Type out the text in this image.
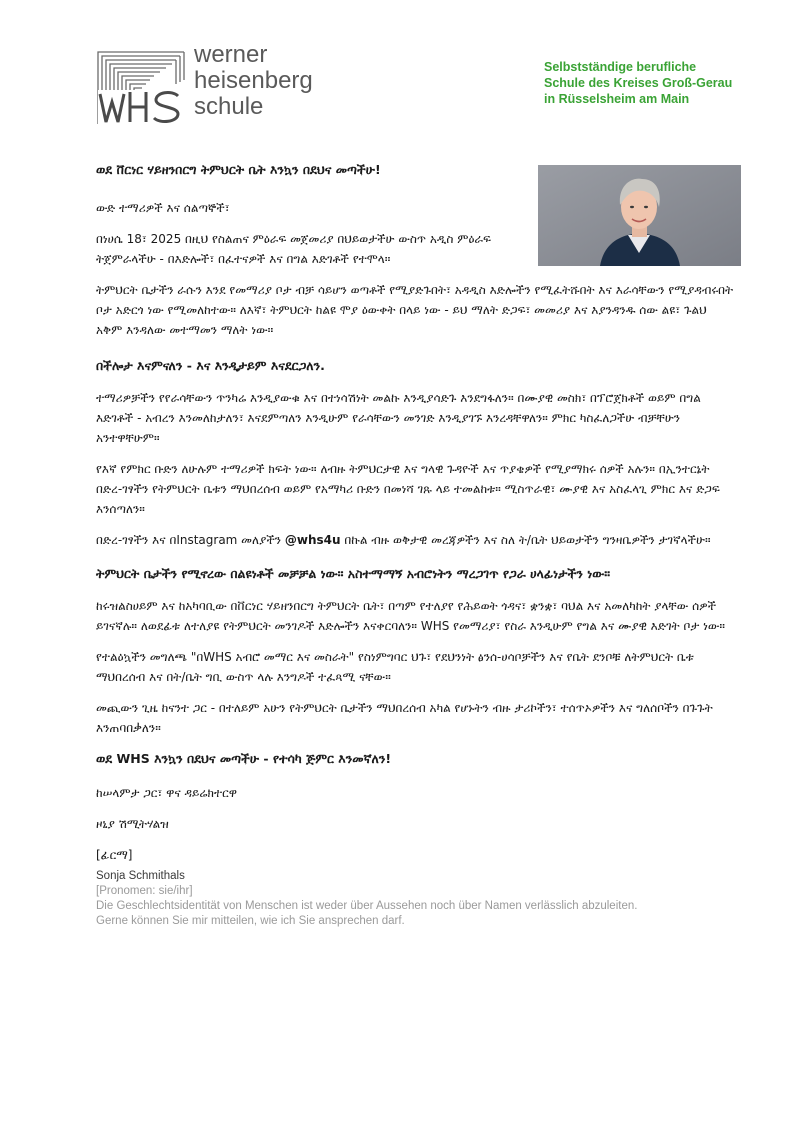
werner
heisenberg
schule
Selbstständige berufliche
Schule des Kreises Groß-Gerau
in Rüsselsheim am Main

ወደ ቨርነር ሃይዘንበርግ ትምህርት ቤት እንኳን በደህና መጣችሁ!

ውድ ተማሪዎች እና ሰልጣኞች፣

በነሀሴ 18፣ 2025 በዚህ የስልጠና ምዕራፍ መጀመሪያ በህይወታችሁ ውስጥ አዲስ ምዕራፍ ትጀምራላችሁ - በእድሎች፣ በፈተናዎች እና በግል እድገቶች የተሞላ።

ትምህርት ቤታችን ራሱን እንደ የመማሪያ ቦታ ብቻ ሳይሆን ወጣቶች የሚያድጉበት፣ አዳዲስ እድሎችን የሚፈትሹበት እና እራሳቸውን የሚያዳብሩበት ቦታ አድርጎ ነው የሚመለከተው። ለእኛ፣ ትምህርት ከልዩ ሞያ ዕውቀት በላይ ነው - ይህ ማለት ድጋፍ፣ መመሪያ እና እያንዳንዱ ሰው ልዩ፣ ጉልህ አቅም እንዳለው መተማመን ማለት ነው።

በችሎታ እናምናለን - እና እንዲታይም እናደርጋለን.

ተማሪዎቻችን የየራሳቸውን ጥንካሬ እንዲያውቁ እና በተነሳሽነት መልኩ እንዲያሳድጉ እንደግፋለን። በሙያዊ መስክ፣ በፕሮጀክቶች ወይም በግል እድገቶች - አብረን እንመለከታለን፣ እናደምጣለን እንዲሁም የራሳቸውን መንገድ እንዲያገኙ እንረዳቸዋለን። ምክር ካስፈለጋችሁ ብቻቸሁን አንተዋቸሁም።

የእኛ የምክር ቡድን ለሁሉም ተማሪዎች ክፍት ነው። ለብዙ ትምህርታዊ እና ግላዊ ጉዳዮች እና ጥያቄዎች የሚያማክሩ ሰዎች አሉን። በኢንተርኔት በድረ-ገፃችን የትምህርት ቤቱን ማህበረሰብ ወይም የአማካሪ ቡድን በመነሻ ገጹ ላይ ተመልከቱ። ሚስጥራዊ፣ ሙያዊ እና አስፈላጊ ምክር እና ድጋፍ እንሰጣለን።

በድረ-ገፃችን እና በInstagram መለያችን @whs4u በኩል ብዙ ወቅታዊ መረጃዎችን እና ስለ ት/ቤት ህይወታችን ግንዛቤዎችን ታገኛላችሁ።

ትምህርት ቤታችን የሚኖረው በልዩነቶች መቻቻል ነው። አስተማማኝ አብሮነትን ማረጋገጥ የጋራ ሀላፊነታችን ነው።

ከሩዝልስሀይም እና ከአካባቢው በቨርነር ሃይዘንበርግ ትምህርት ቤት፣ በጣም የተለያየ የሕይወት ጎዳና፣ ቋንቋ፣ ባህል እና አመለካከት ያላቸው ሰዎች ይገናኛሉ። ለወደፊቱ ለተለያዩ የትምህርት መንገዶች እድሎችን እናቀርባለን። WHS የመማሪያ፣ የስራ እንዲሁም የግል እና ሙያዊ እድገት ቦታ ነው።

የተልዕኳችን መግለጫ "በWHS አብሮ መማር እና መስራት" የስነምግባር ህጉ፣ የደህንነት ፅንሰ-ሀሳቦቻችን እና የቤት ደንቦቹ ለትምህርት ቤቱ ማህበረሰብ እና በት/ቤት ግቢ ውስጥ ላሉ እንግዶች ተፈጻሚ ናቸው።

መጪውን ጊዜ ከናንተ ጋር - በተለይም አሁን የትምህርት ቤታችን ማህበረሰብ አካል የሆኑትን ብዙ ታሪኮችን፣ ተሰጥኦዎችን እና ግለሰቦችን በጉጉት እንጠባበቃለን።

ወደ WHS እንኳን በደህና መጣችሁ - የተሳካ ጅምር እንመኛለን!

ከሠላምታ ጋር፣ ዋና ዳይሬክተርዋ

ዞኒያ ሽሚትሃልዝ

[ፊርማ]

Sonja Schmithals
[Pronomen: sie/ihr]
Die Geschlechtsidentität von Menschen ist weder über Aussehen noch über Namen verlässlich abzuleiten.
Gerne können Sie mir mitteilen, wie ich Sie ansprechen darf.
